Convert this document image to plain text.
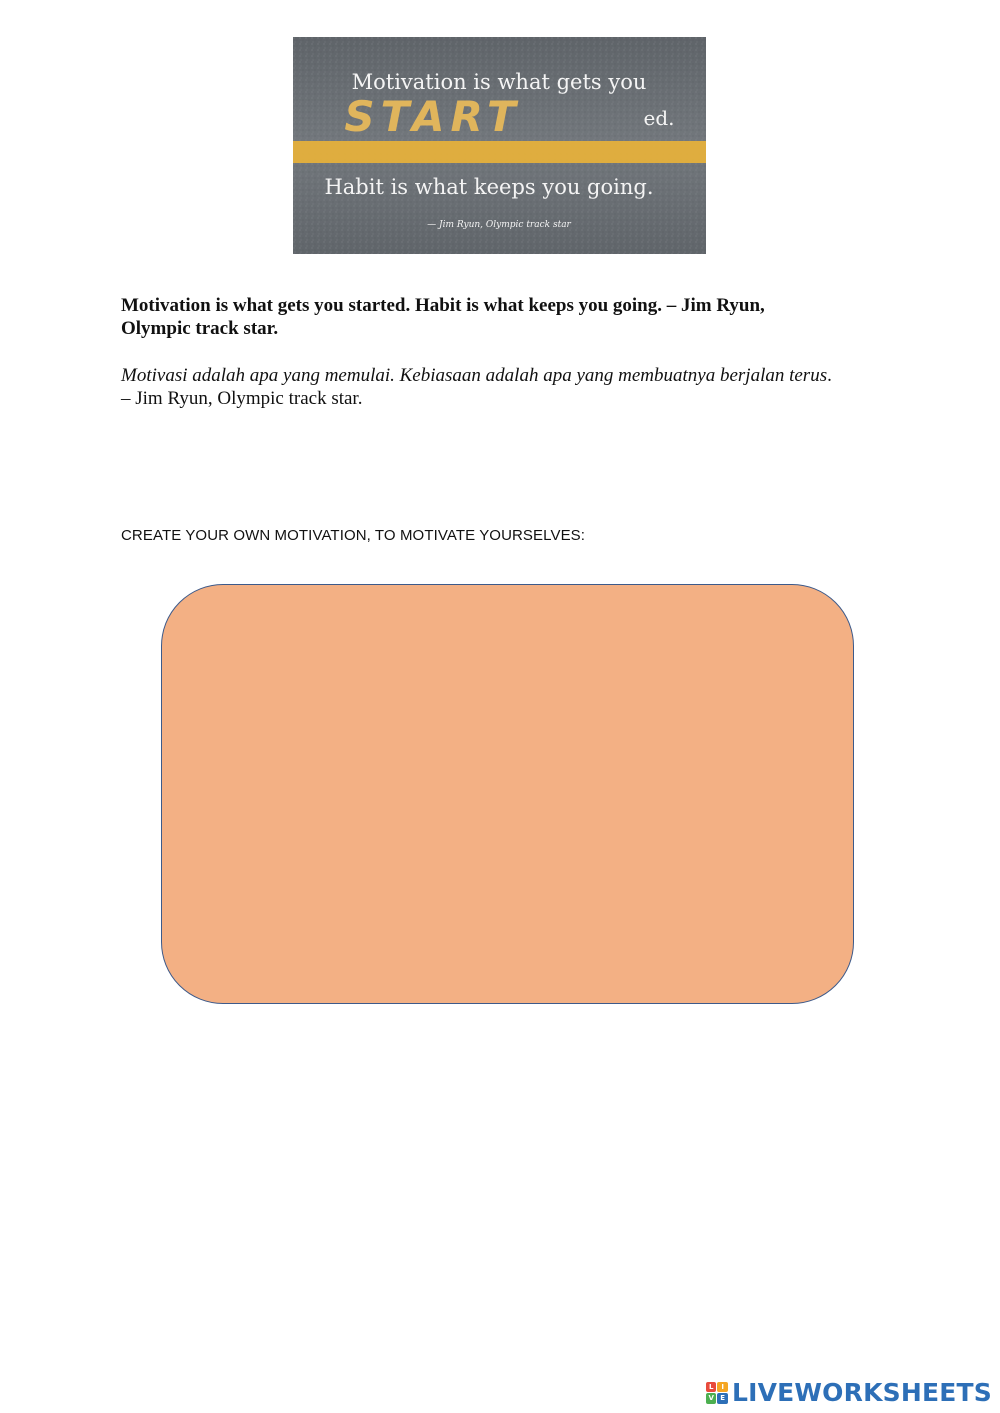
Motivation is what gets you
START	ed.
Habit is what keeps you going.
— Jim Ryun, Olympic track star

Motivation is what gets you started. Habit is what keeps you going. – Jim Ryun,
Olympic track star.

Motivasi adalah apa yang memulai. Kebiasaan adalah apa yang membuatnya berjalan terus.
– Jim Ryun, Olympic track star.

CREATE YOUR OWN MOTIVATION, TO MOTIVATE YOURSELVES:

L	I
V E LIVEWORKSHEETS
